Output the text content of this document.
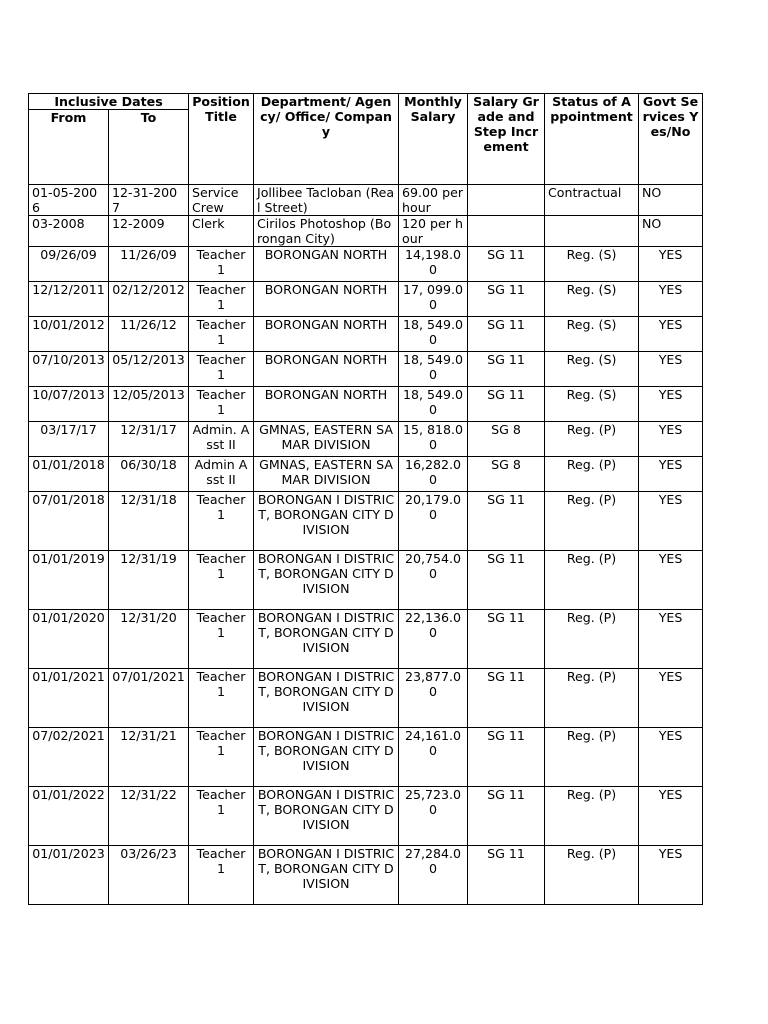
Inclusive Dates		Position Title	Department/ Agency/ Office/ Company	Monthly Salary	Salary Grade and Step Increment	Status of Appointment	Govt Services Yes/No
From	To						
01-05-2006	12-31-2007	Service Crew	Jollibee Tacloban (Real Street)	69.00 per hour		Contractual	NO
03-2008	12-2009	Clerk	Cirilos Photoshop (Borongan City)	120 per hour			NO
09/26/09	11/26/09	Teacher 1	BORONGAN NORTH	14,198.00	SG 11	Reg. (S)	YES
12/12/2011	02/12/2012	Teacher 1	BORONGAN NORTH	17, 099.00	SG 11	Reg. (S)	YES
10/01/2012	11/26/12	Teacher 1	BORONGAN NORTH	18, 549.00	SG 11	Reg. (S)	YES
07/10/2013	05/12/2013	Teacher 1	BORONGAN NORTH	18, 549.00	SG 11	Reg. (S)	YES
10/07/2013	12/05/2013	Teacher 1	BORONGAN NORTH	18, 549.00	SG 11	Reg. (S)	YES
03/17/17	12/31/17	Admin. Asst II	GMNAS, EASTERN SAMAR DIVISION	15, 818.00	SG 8	Reg. (P)	YES
01/01/2018	06/30/18	Admin Asst II	GMNAS, EASTERN SAMAR DIVISION	16,282.00	SG 8	Reg. (P)	YES
07/01/2018	12/31/18	Teacher 1	BORONGAN I DISTRICT, BORONGAN CITY DIVISION	20,179.00	SG 11	Reg. (P)	YES
01/01/2019	12/31/19	Teacher 1	BORONGAN I DISTRICT, BORONGAN CITY DIVISION	20,754.00	SG 11	Reg. (P)	YES
01/01/2020	12/31/20	Teacher 1	BORONGAN I DISTRICT, BORONGAN CITY DIVISION	22,136.00	SG 11	Reg. (P)	YES
01/01/2021	07/01/2021	Teacher 1	BORONGAN I DISTRICT, BORONGAN CITY DIVISION	23,877.00	SG 11	Reg. (P)	YES
07/02/2021	12/31/21	Teacher 1	BORONGAN I DISTRICT, BORONGAN CITY DIVISION	24,161.00	SG 11	Reg. (P)	YES
01/01/2022	12/31/22	Teacher 1	BORONGAN I DISTRICT, BORONGAN CITY DIVISION	25,723.00	SG 11	Reg. (P)	YES
01/01/2023	03/26/23	Teacher 1	BORONGAN I DISTRICT, BORONGAN CITY DIVISION	27,284.00	SG 11	Reg. (P)	YES
